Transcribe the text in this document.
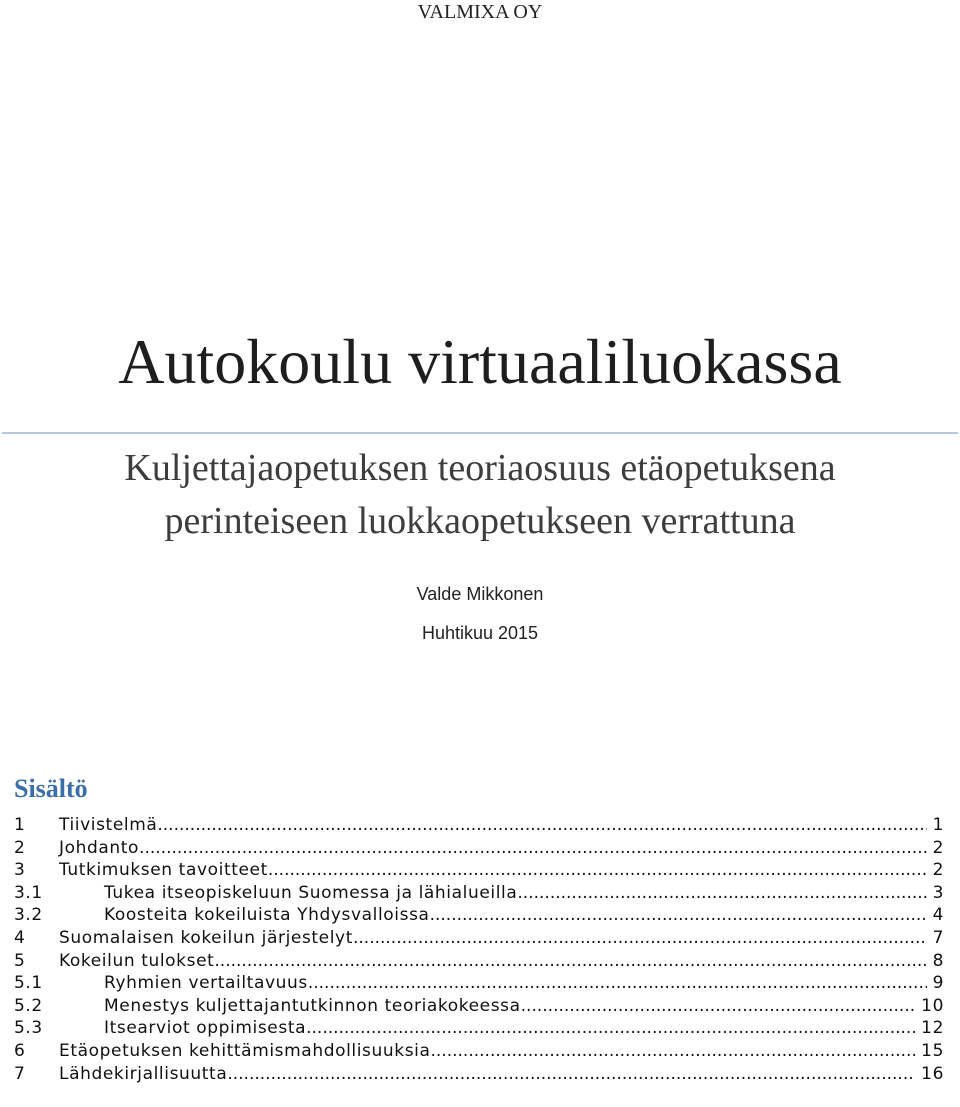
VALMIXA OY
Autokoulu virtuaaliluokassa
Kuljettajaopetuksen teoriaosuus etäopetuksena
perinteiseen luokkaopetukseen verrattuna
Valde Mikkonen
Huhtikuu 2015
Sisältö
1	Tiivistelmä .....	1
2	Johdanto .....	2
3	Tutkimuksen tavoitteet .....	2
3.1	Tukea itseopiskeluun Suomessa ja lähialueilla .....	3
3.2	Koosteita kokeiluista Yhdysvalloissa .....	4
4	Suomalaisen kokeilun järjestelyt .....	7
5	Kokeilun tulokset .....	8
5.1	Ryhmien vertailtavuus .....	9
5.2	Menestys kuljettajantutkinnon teoriakokeessa .....	10
5.3	Itsearviot oppimisesta .....	12
6	Etäopetuksen kehittämismahdollisuuksia .....	15
7	Lähdekirjallisuutta .....	16
